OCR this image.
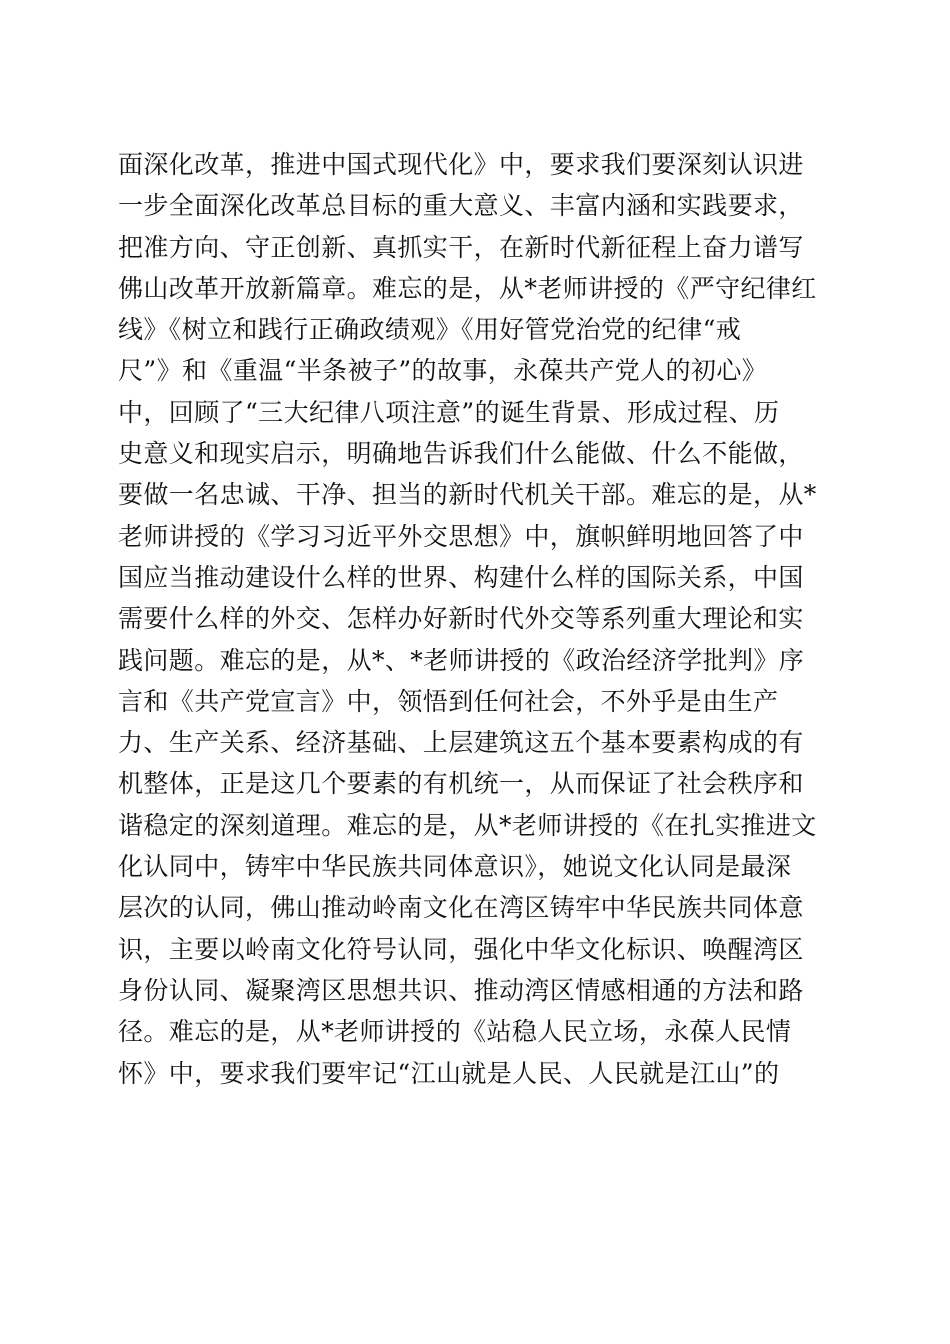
面深化改革，推进中国式现代化》中，要求我们要深刻认识进
一步全面深化改革总目标的重大意义、丰富内涵和实践要求，
把准方向、守正创新、真抓实干，在新时代新征程上奋力谱写
佛山改革开放新篇章。难忘的是，从*老师讲授的《严守纪律红
线》《树立和践行正确政绩观》《用好管党治党的纪律“戒
尺”》和《重温“半条被子”的故事，永葆共产党人的初心》
中，回顾了“三大纪律八项注意”的诞生背景、形成过程、历
史意义和现实启示，明确地告诉我们什么能做、什么不能做，
要做一名忠诚、干净、担当的新时代机关干部。难忘的是，从*
老师讲授的《学习习近平外交思想》中，旗帜鲜明地回答了中
国应当推动建设什么样的世界、构建什么样的国际关系，中国
需要什么样的外交、怎样办好新时代外交等系列重大理论和实
践问题。难忘的是，从*、*老师讲授的《政治经济学批判》序
言和《共产党宣言》中，领悟到任何社会，不外乎是由生产
力、生产关系、经济基础、上层建筑这五个基本要素构成的有
机整体，正是这几个要素的有机统一，从而保证了社会秩序和
谐稳定的深刻道理。难忘的是，从*老师讲授的《在扎实推进文
化认同中，铸牢中华民族共同体意识》，她说文化认同是最深
层次的认同，佛山推动岭南文化在湾区铸牢中华民族共同体意
识，主要以岭南文化符号认同，强化中华文化标识、唤醒湾区
身份认同、凝聚湾区思想共识、推动湾区情感相通的方法和路
径。难忘的是，从*老师讲授的《站稳人民立场，永葆人民情
怀》中，要求我们要牢记“江山就是人民、人民就是江山”的
